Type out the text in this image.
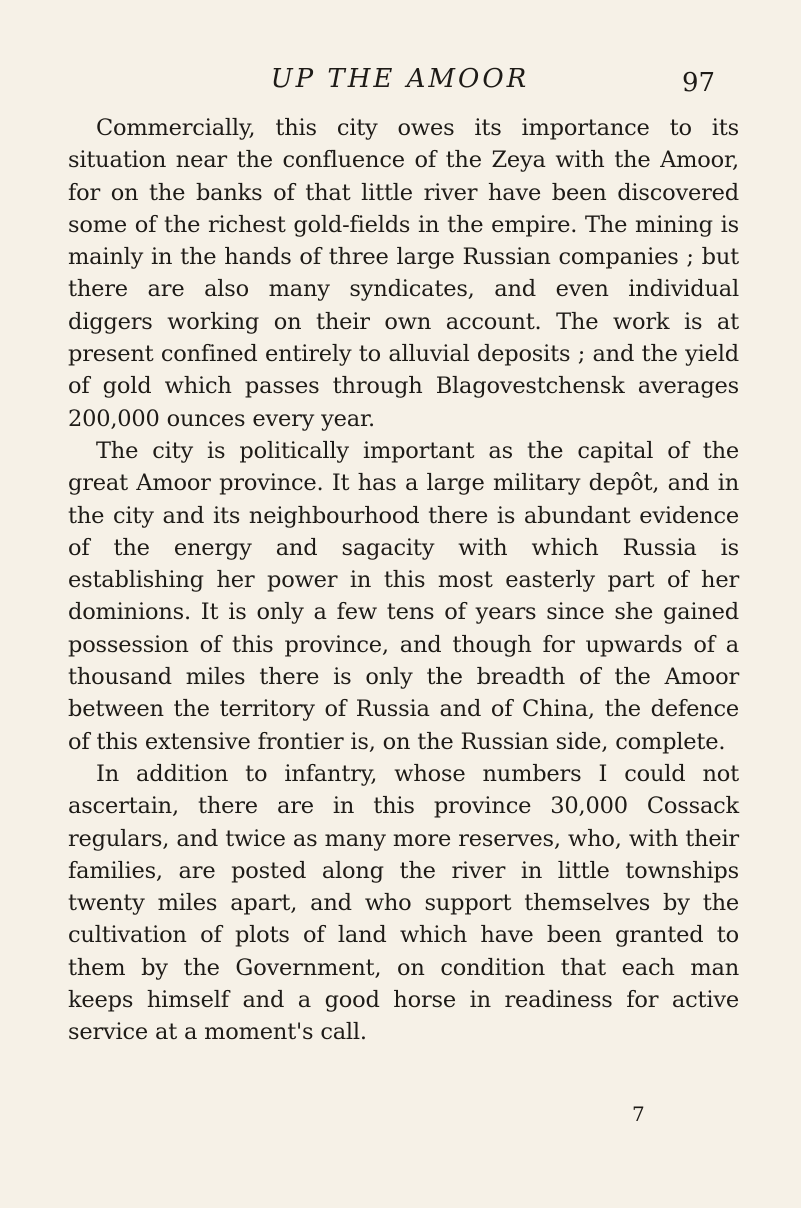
UP THE AMOOR	97

Commercially, this city owes its importance to its situation near the confluence of the Zeya with the Amoor, for on the banks of that little river have been discovered some of the richest gold-fields in the empire. The mining is mainly in the hands of three large Russian companies ; but there are also many syndicates, and even individual diggers working on their own account. The work is at present confined entirely to alluvial deposits ; and the yield of gold which passes through Blagovestchensk averages 200,000 ounces every year.

The city is politically important as the capital of the great Amoor province. It has a large military depôt, and in the city and its neighbourhood there is abundant evidence of the energy and sagacity with which Russia is establishing her power in this most easterly part of her dominions. It is only a few tens of years since she gained possession of this province, and though for upwards of a thousand miles there is only the breadth of the Amoor between the territory of Russia and of China, the defence of this extensive frontier is, on the Russian side, complete.

In addition to infantry, whose numbers I could not ascertain, there are in this province 30,000 Cossack regulars, and twice as many more reserves, who, with their families, are posted along the river in little townships twenty miles apart, and who support themselves by the cultivation of plots of land which have been granted to them by the Government, on condition that each man keeps himself and a good horse in readiness for active service at a moment's call.

7
